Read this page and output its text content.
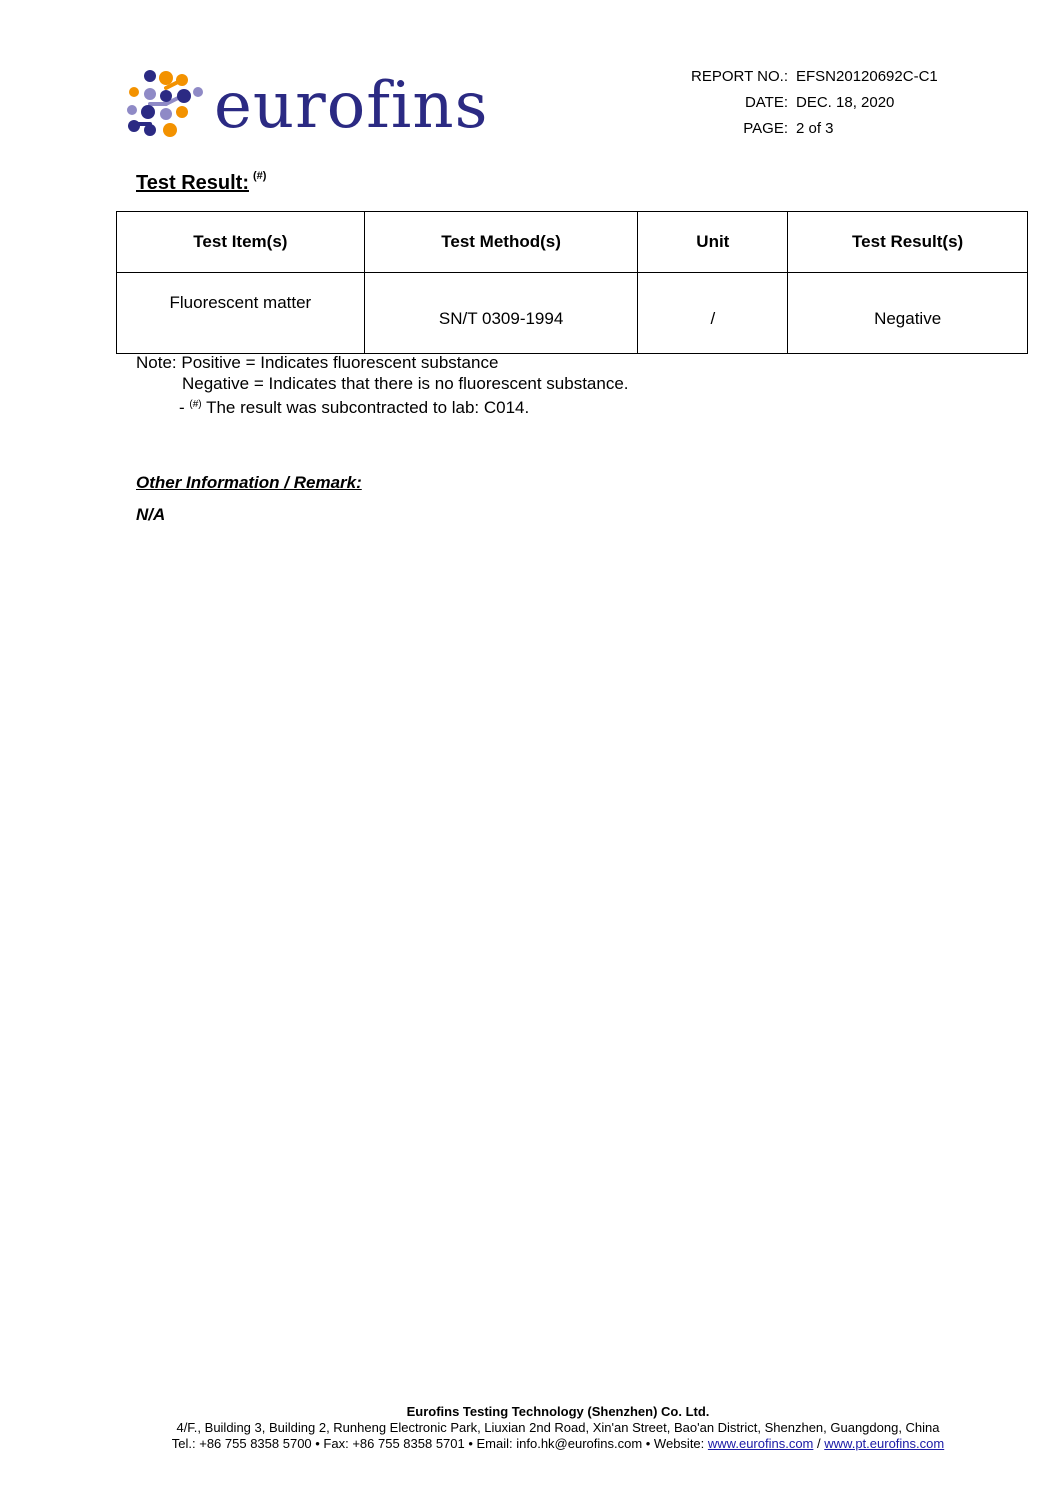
eurofins	REPORT NO.: EFSN20120692C-C1
DATE: DEC. 18, 2020
PAGE: 2 of 3
Test Result: (#)
Test Item(s)	Test Method(s)	Unit	Test Result(s)
Fluorescent matter	SN/T 0309-1994	/	Negative
Note: Positive = Indicates fluorescent substance
Negative = Indicates that there is no fluorescent substance.
- (#) The result was subcontracted to lab: C014.
Other Information / Remark:
N/A
Eurofins Testing Technology (Shenzhen) Co. Ltd.
4/F., Building 3, Building 2, Runheng Electronic Park, Liuxian 2nd Road, Xin'an Street, Bao'an District, Shenzhen, Guangdong, China
Tel.: +86 755 8358 5700 • Fax: +86 755 8358 5701 • Email: info.hk@eurofins.com • Website: www.eurofins.com / www.pt.eurofins.com
